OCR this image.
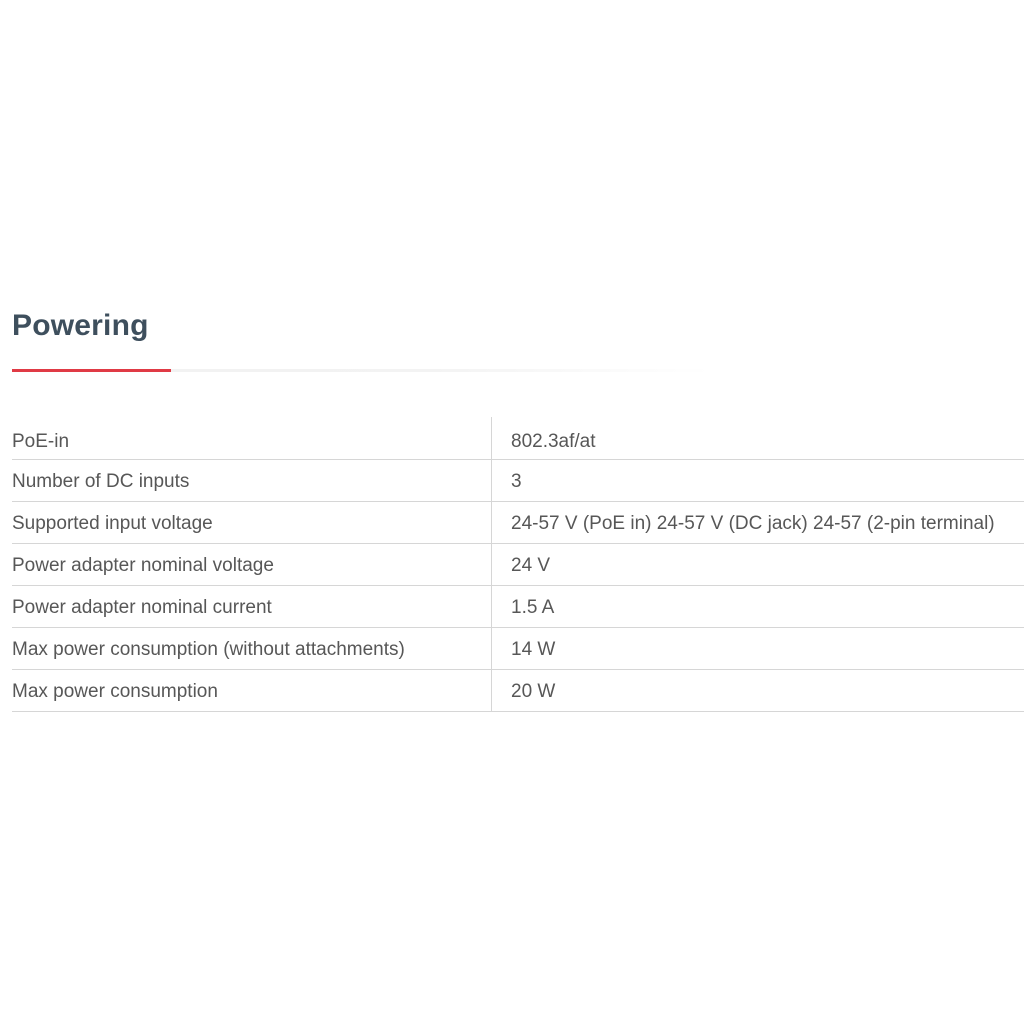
Powering
PoE-in	802.3af/at
Number of DC inputs	3
Supported input voltage	24-57 V (PoE in) 24-57 V (DC jack) 24-57 (2-pin terminal)
Power adapter nominal voltage	24 V
Power adapter nominal current	1.5 A
Max power consumption (without attachments)	14 W
Max power consumption	20 W
